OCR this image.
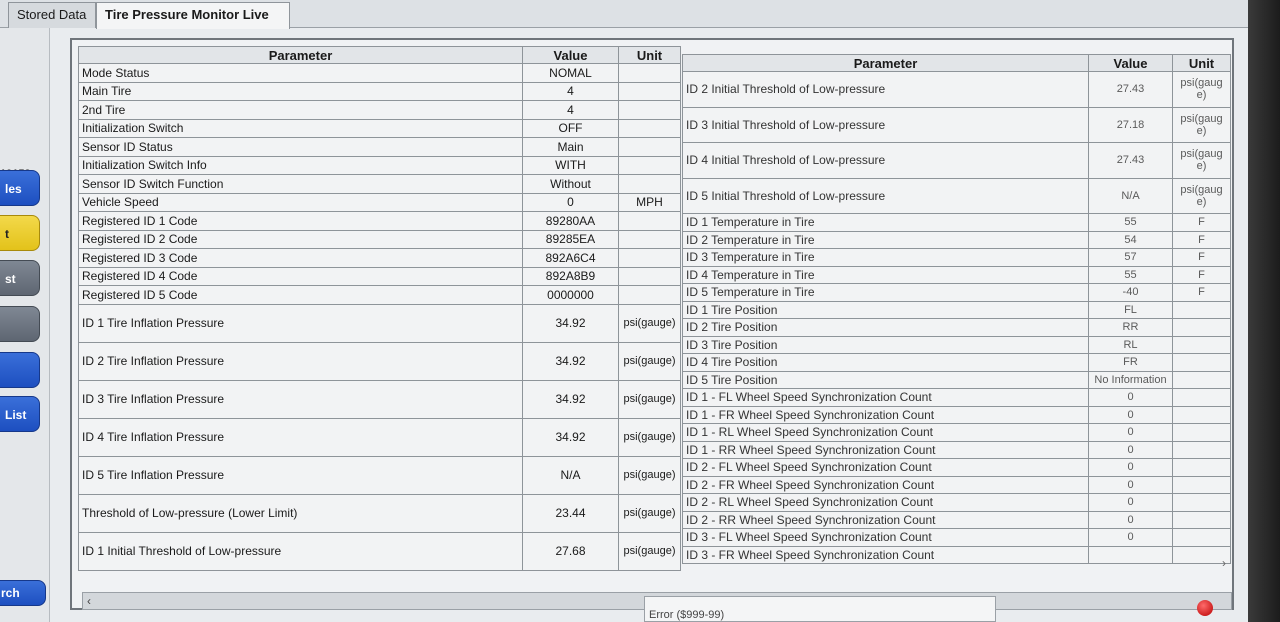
Stored Data	Tire Pressure Monitor Live
les
t
st
List
rch
Parameter	Value	Unit
Mode Status	NOMAL	
Main Tire	4	
2nd Tire	4	
Initialization Switch	OFF	
Sensor ID Status	Main	
Initialization Switch Info	WITH	
Sensor ID Switch Function	Without	
Vehicle Speed	0	MPH
Registered ID 1 Code	89280AA	
Registered ID 2 Code	89285EA	
Registered ID 3 Code	892A6C4	
Registered ID 4 Code	892A8B9	
Registered ID 5 Code	0000000	
ID 1 Tire Inflation Pressure	34.92	psi(gauge)
ID 2 Tire Inflation Pressure	34.92	psi(gauge)
ID 3 Tire Inflation Pressure	34.92	psi(gauge)
ID 4 Tire Inflation Pressure	34.92	psi(gauge)
ID 5 Tire Inflation Pressure	N/A	psi(gauge)
Threshold of Low-pressure (Lower Limit)	23.44	psi(gauge)
ID 1 Initial Threshold of Low-pressure	27.68	psi(gauge)
Parameter	Value	Unit
ID 2 Initial Threshold of Low-pressure	27.43	psi(gauge)
ID 3 Initial Threshold of Low-pressure	27.18	psi(gauge)
ID 4 Initial Threshold of Low-pressure	27.43	psi(gauge)
ID 5 Initial Threshold of Low-pressure	N/A	psi(gauge)
ID 1 Temperature in Tire	55	F
ID 2 Temperature in Tire	54	F
ID 3 Temperature in Tire	57	F
ID 4 Temperature in Tire	55	F
ID 5 Temperature in Tire	-40	F
ID 1 Tire Position	FL	
ID 2 Tire Position	RR	
ID 3 Tire Position	RL	
ID 4 Tire Position	FR	
ID 5 Tire Position	No Information	
ID 1 - FL Wheel Speed Synchronization Count	0	
ID 1 - FR Wheel Speed Synchronization Count	0	
ID 1 - RL Wheel Speed Synchronization Count	0	
ID 1 - RR Wheel Speed Synchronization Count	0	
ID 2 - FL Wheel Speed Synchronization Count	0	
ID 2 - FR Wheel Speed Synchronization Count	0	
ID 2 - RL Wheel Speed Synchronization Count	0	
ID 2 - RR Wheel Speed Synchronization Count	0	
ID 3 - FL Wheel Speed Synchronization Count	0	
ID 3 - FR Wheel Speed Synchronization Count		
‹
›
Error ($999-99)
